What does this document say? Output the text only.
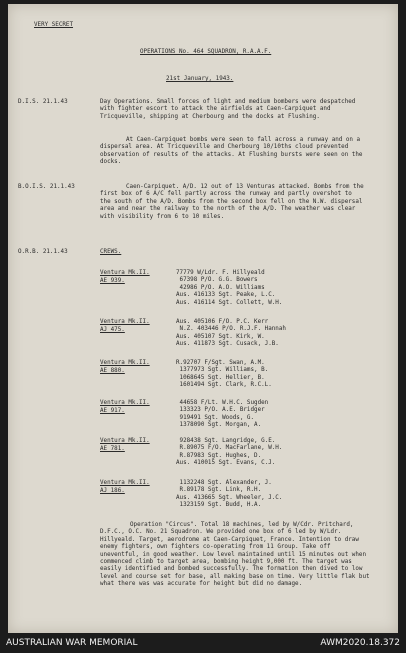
VERY SECRET
OPERATIONS No. 464 SQUADRON, R.A.A.F.
21st January, 1943.
D.I.S. 21.1.43	Day Operations. Small forces of light and medium bombers were despatched with fighter escort to attack the airfields at Caen-Carpiquet and Tricqueville, shipping at Cherbourg and the docks at Flushing.
At Caen-Carpiquet bombs were seen to fall across a runway and on a dispersal area. At Tricqueville and Cherbourg 10/10ths cloud prevented observation of results of the attacks. At Flushing bursts were seen on the docks.
B.O.I.S. 21.1.43	Caen-Carpiquet. A/D. 12 out of 13 Venturas attacked. Bombs from the first box of 6 A/C fell partly across the runway and partly overshot to the south of the A/D. Bombs from the second box fell on the N.W. dispersal area and near the railway to the north of the A/D. The weather was clear with visibility from 6 to 10 miles.
O.R.B. 21.1.43	CREWS.
Ventura Mk.II.
AE 939.
77779 W/Ldr. F. Hillyeald
67398 P/O. G.G. Bowers
42986 P/O. A.O. Williams
Aus. 416133 Sgt. Peake, L.C.
Aus. 416114 Sgt. Collett, W.H.
Ventura Mk.II.
AJ 475.
Aus. 405106 F/O. P.C. Kerr
N.Z. 403446 P/O. R.J.F. Hannah
Aus. 405107 Sgt. Kirk, W.
Aus. 411873 Sgt. Cusack, J.B.
Ventura Mk.II.
AE 880.
R.92707 F/Sgt. Swan, A.M.
1377973 Sgt. Williams, B.
1068645 Sgt. Hellier, B.
1601494 Sgt. Clark, R.C.L.
Ventura Mk.II.
AE 917.
44658 F/Lt. W.H.C. Sugden
133323 P/O. A.E. Bridger
919491 Sgt. Woods, G.
1378090 Sgt. Morgan, A.
Ventura Mk.II.
AE 781.
928438 Sgt. Langridge, G.E.
R.89075 F/O. MacFarlane, W.H.
R.87983 Sgt. Hughes, D.
Aus. 410015 Sgt. Evans, C.J.
Ventura Mk.II.
AJ 186.
1132248 Sgt. Alexander, J.
R.89178 Sgt. Link, R.H.
Aus. 413665 Sgt. Wheeler, J.C.
1323159 Sgt. Budd, H.A.
Operation "Circus". Total 18 machines, led by W/Cdr. Pritchard, D.F.C., O.C. No. 21 Squadron. We provided one box of 6 led by W/Ldr. Hillyeald. Target, aerodrome at Caen-Carpiquet, France. Intention to draw enemy fighters, own fighters co-operating from 11 Group. Take off uneventful, in good weather. Low level maintained until 15 minutes out when commenced climb to target area, bombing height 9,000 ft. The target was easily identified and bombed successfully. The formation then dived to low level and course set for base, all making base on time. Very little flak but what there was was accurate for height but did no damage.
AUSTRALIAN WAR MEMORIAL	AWM2020.18.372
